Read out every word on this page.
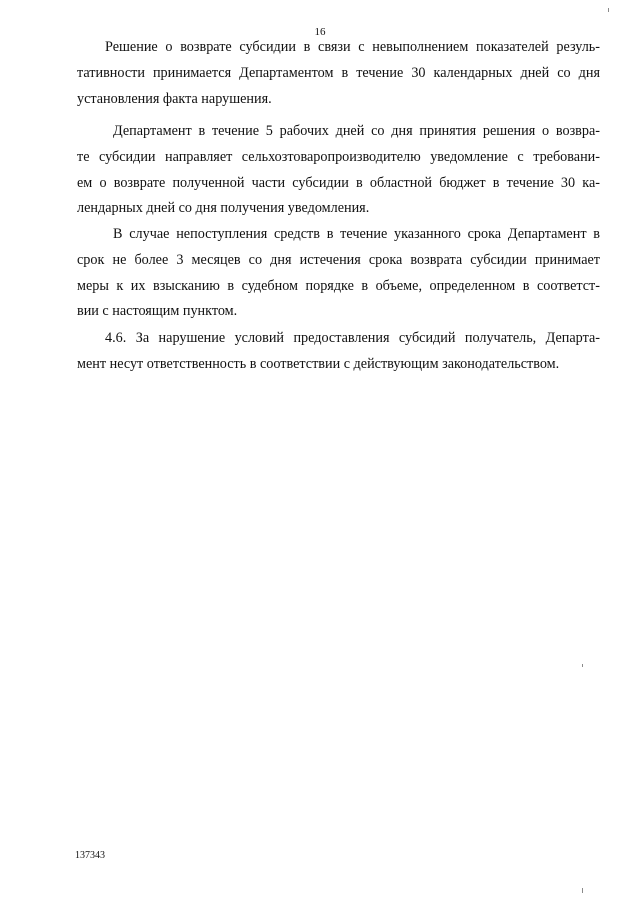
16
Решение о возврате субсидии в связи с невыполнением показателей резуль-
тативности принимается Департаментом в течение 30 календарных дней со дня
установления факта нарушения.
Департамент в течение 5 рабочих дней со дня принятия решения о возвра-
те субсидии направляет сельхозтоваропроизводителю уведомление с требовани-
ем о возврате полученной части субсидии в областной бюджет в течение 30 ка-
лендарных дней со дня получения уведомления.
В случае непоступления средств в течение указанного срока Департамент в
срок не более 3 месяцев со дня истечения срока возврата субсидии принимает
меры к их взысканию в судебном порядке в объеме, определенном в соответст-
вии с настоящим пунктом.
4.6. За нарушение условий предоставления субсидий получатель, Департа-
мент несут ответственность в соответствии с действующим законодательством.
137343
